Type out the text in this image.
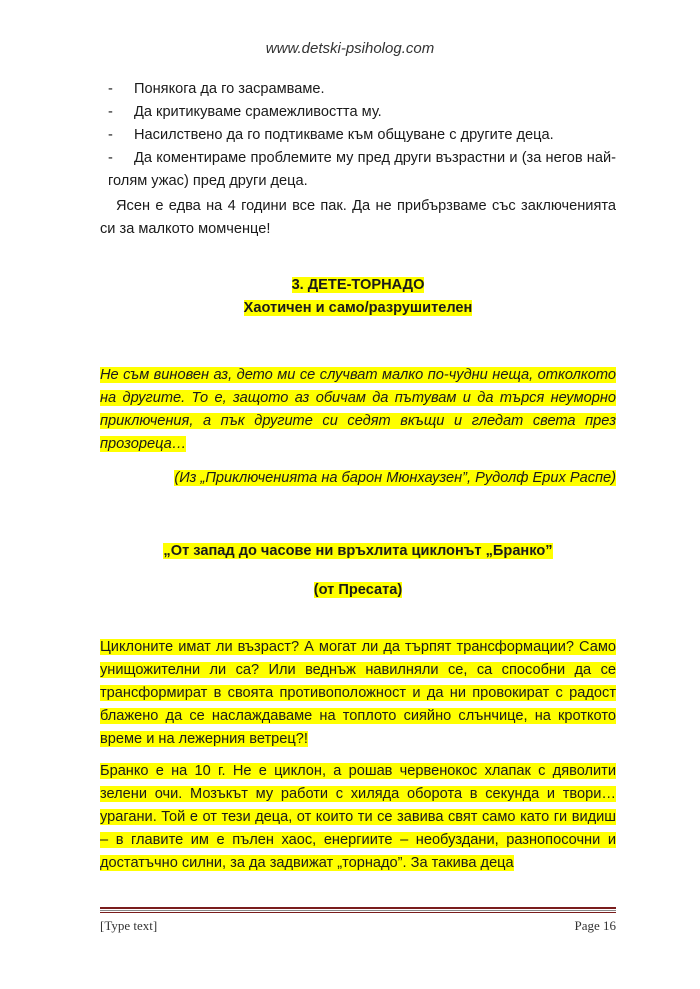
www.detski-psiholog.com

- Понякога да го засрамваме.

- Да критикуваме срамежливостта му.

- Насилствено да го подтикваме към общуване с другите деца.

- Да коментираме проблемите му пред други възрастни и (за негов най-голям ужас) пред други деца.

Ясен е едва на 4 години все пак. Да не прибързваме със заключенията си за малкото момченце!

3. ДЕТЕ-ТОРНАДО
Хаотичен и само/разрушителен

Не съм виновен аз, дето ми се случват малко по-чудни неща, отколкото на другите. То е, защото аз обичам да пътувам и да търся неуморно приключения, а пък другите си седят вкъщи и гледат света през прозореца…

(Из „Приключенията на барон Мюнхаузен”, Рудолф Ерих Распе)

„От запад до часове ни връхлита циклонът „Бранко”
(от Пресата)

Циклоните имат ли възраст? А могат ли да търпят трансформации? Само унищожителни ли са? Или веднъж навилняли се, са способни да се трансформират в своята противоположност и да ни провокират с радост блажено да се наслаждаваме на топлото сияйно слънчице, на кроткото време и на лежерния ветрец?!

Бранко е на 10 г. Не е циклон, а рошав червенокос хлапак с дяволити зелени очи. Мозъкът му работи с хиляда оборота в секунда и твори… урагани. Той е от тези деца, от които ти се завива свят само като ги видиш – в главите им е пълен хаос, енергиите – необуздани, разнопосочни и достатъчно силни, за да задвижат „торнадо”. За такива деца

[Type text]	Page 16
